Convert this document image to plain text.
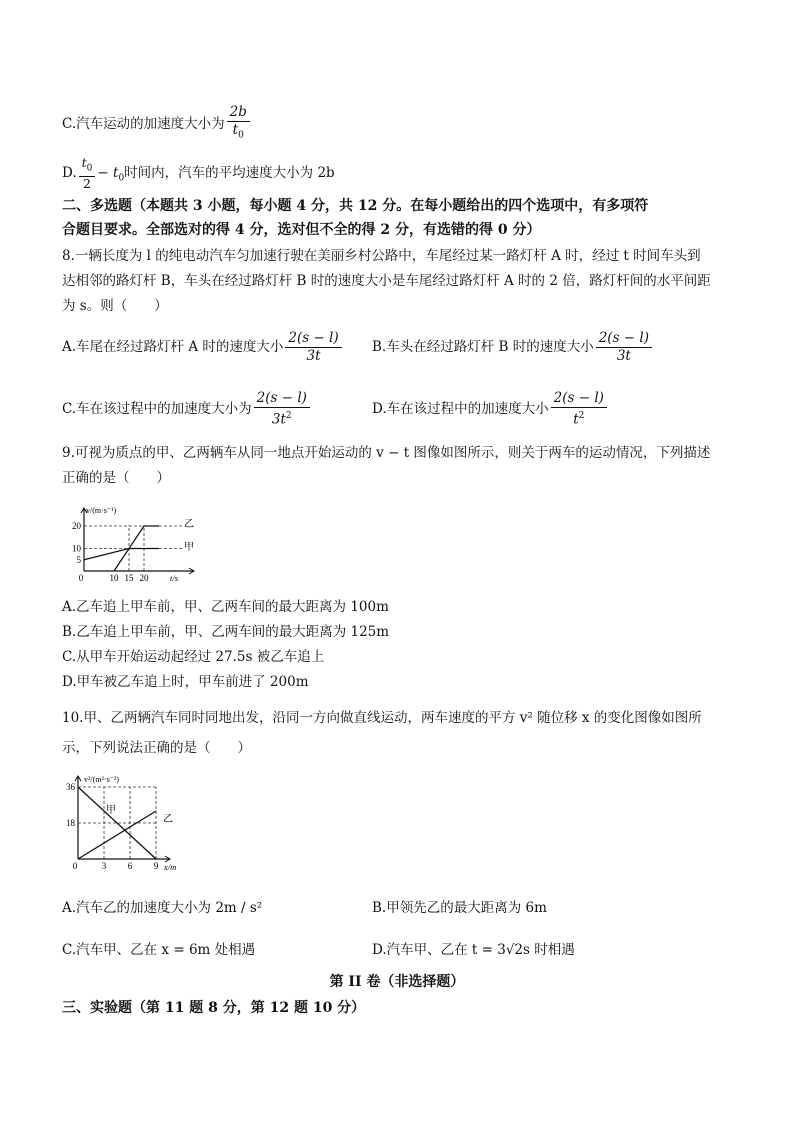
C.汽车运动的加速度大小为 $\frac{2b}{t_0}$
D. $\frac{t_0}{2} - t_0$时间内，汽车的平均速度大小为 2b
二、多选题（本题共 3 小题，每小题 4 分，共 12 分。在每小题给出的四个选项中，有多项符
合题目要求。全部选对的得 4 分，选对但不全的得 2 分，有选错的得 0 分）
8.一辆长度为 l 的纯电动汽车匀加速行驶在美丽乡村公路中，车尾经过某一路灯杆 A 时，经过 t 时间车头到
达相邻的路灯杆 B，车头在经过路灯杆 B 时的速度大小是车尾经过路灯杆 A 时的 2 倍，路灯杆间的水平间距
为 s。则（　　）
A.车尾在经过路灯杆 A 时的速度大小 $\frac{2(s - l)}{3t} B$.车头在经过路灯杆 B 时的速度大小 $\frac{2(s - l)}{3t}$
C.车在该过程中的加速度大小为 $\frac{2(s - l)}{3t^2}$	D.车在该过程中的加速度大小 $\frac{2(s - l)}{t^2}$
9.可视为质点的甲、乙两辆车从同一地点开始运动的 v − t 图像如图所示，则关于两车的运动情况，下列描述
正确的是（　　）
甲
乙
0	10 15 20
5
10
20
v/(m·s⁻¹)
t/s
A.乙车追上甲车前，甲、乙两车间的最大距离为 100m
B.乙车追上甲车前，甲、乙两车间的最大距离为 125m
C.从甲车开始运动起经过 27.5s 被乙车追上
D.甲车被乙车追上时，甲车前进了 200m
10.甲、乙两辆汽车同时同地出发，沿同一方向做直线运动，两车速度的平方 v² 随位移 x 的变化图像如图所
示，下列说法正确的是（　　）
甲
乙
0	3 6 9
18
36
v²/(m²·s⁻²)
x/m
A.汽车乙的加速度大小为 2m / s²	B.甲领先乙的最大距离为 6m
C.汽车甲、乙在 x = 6m 处相遇	D.汽车甲、乙在 t = 3√2s 时相遇
第 II 卷（非选择题）
三、实验题（第 11 题 8 分，第 12 题 10 分）
